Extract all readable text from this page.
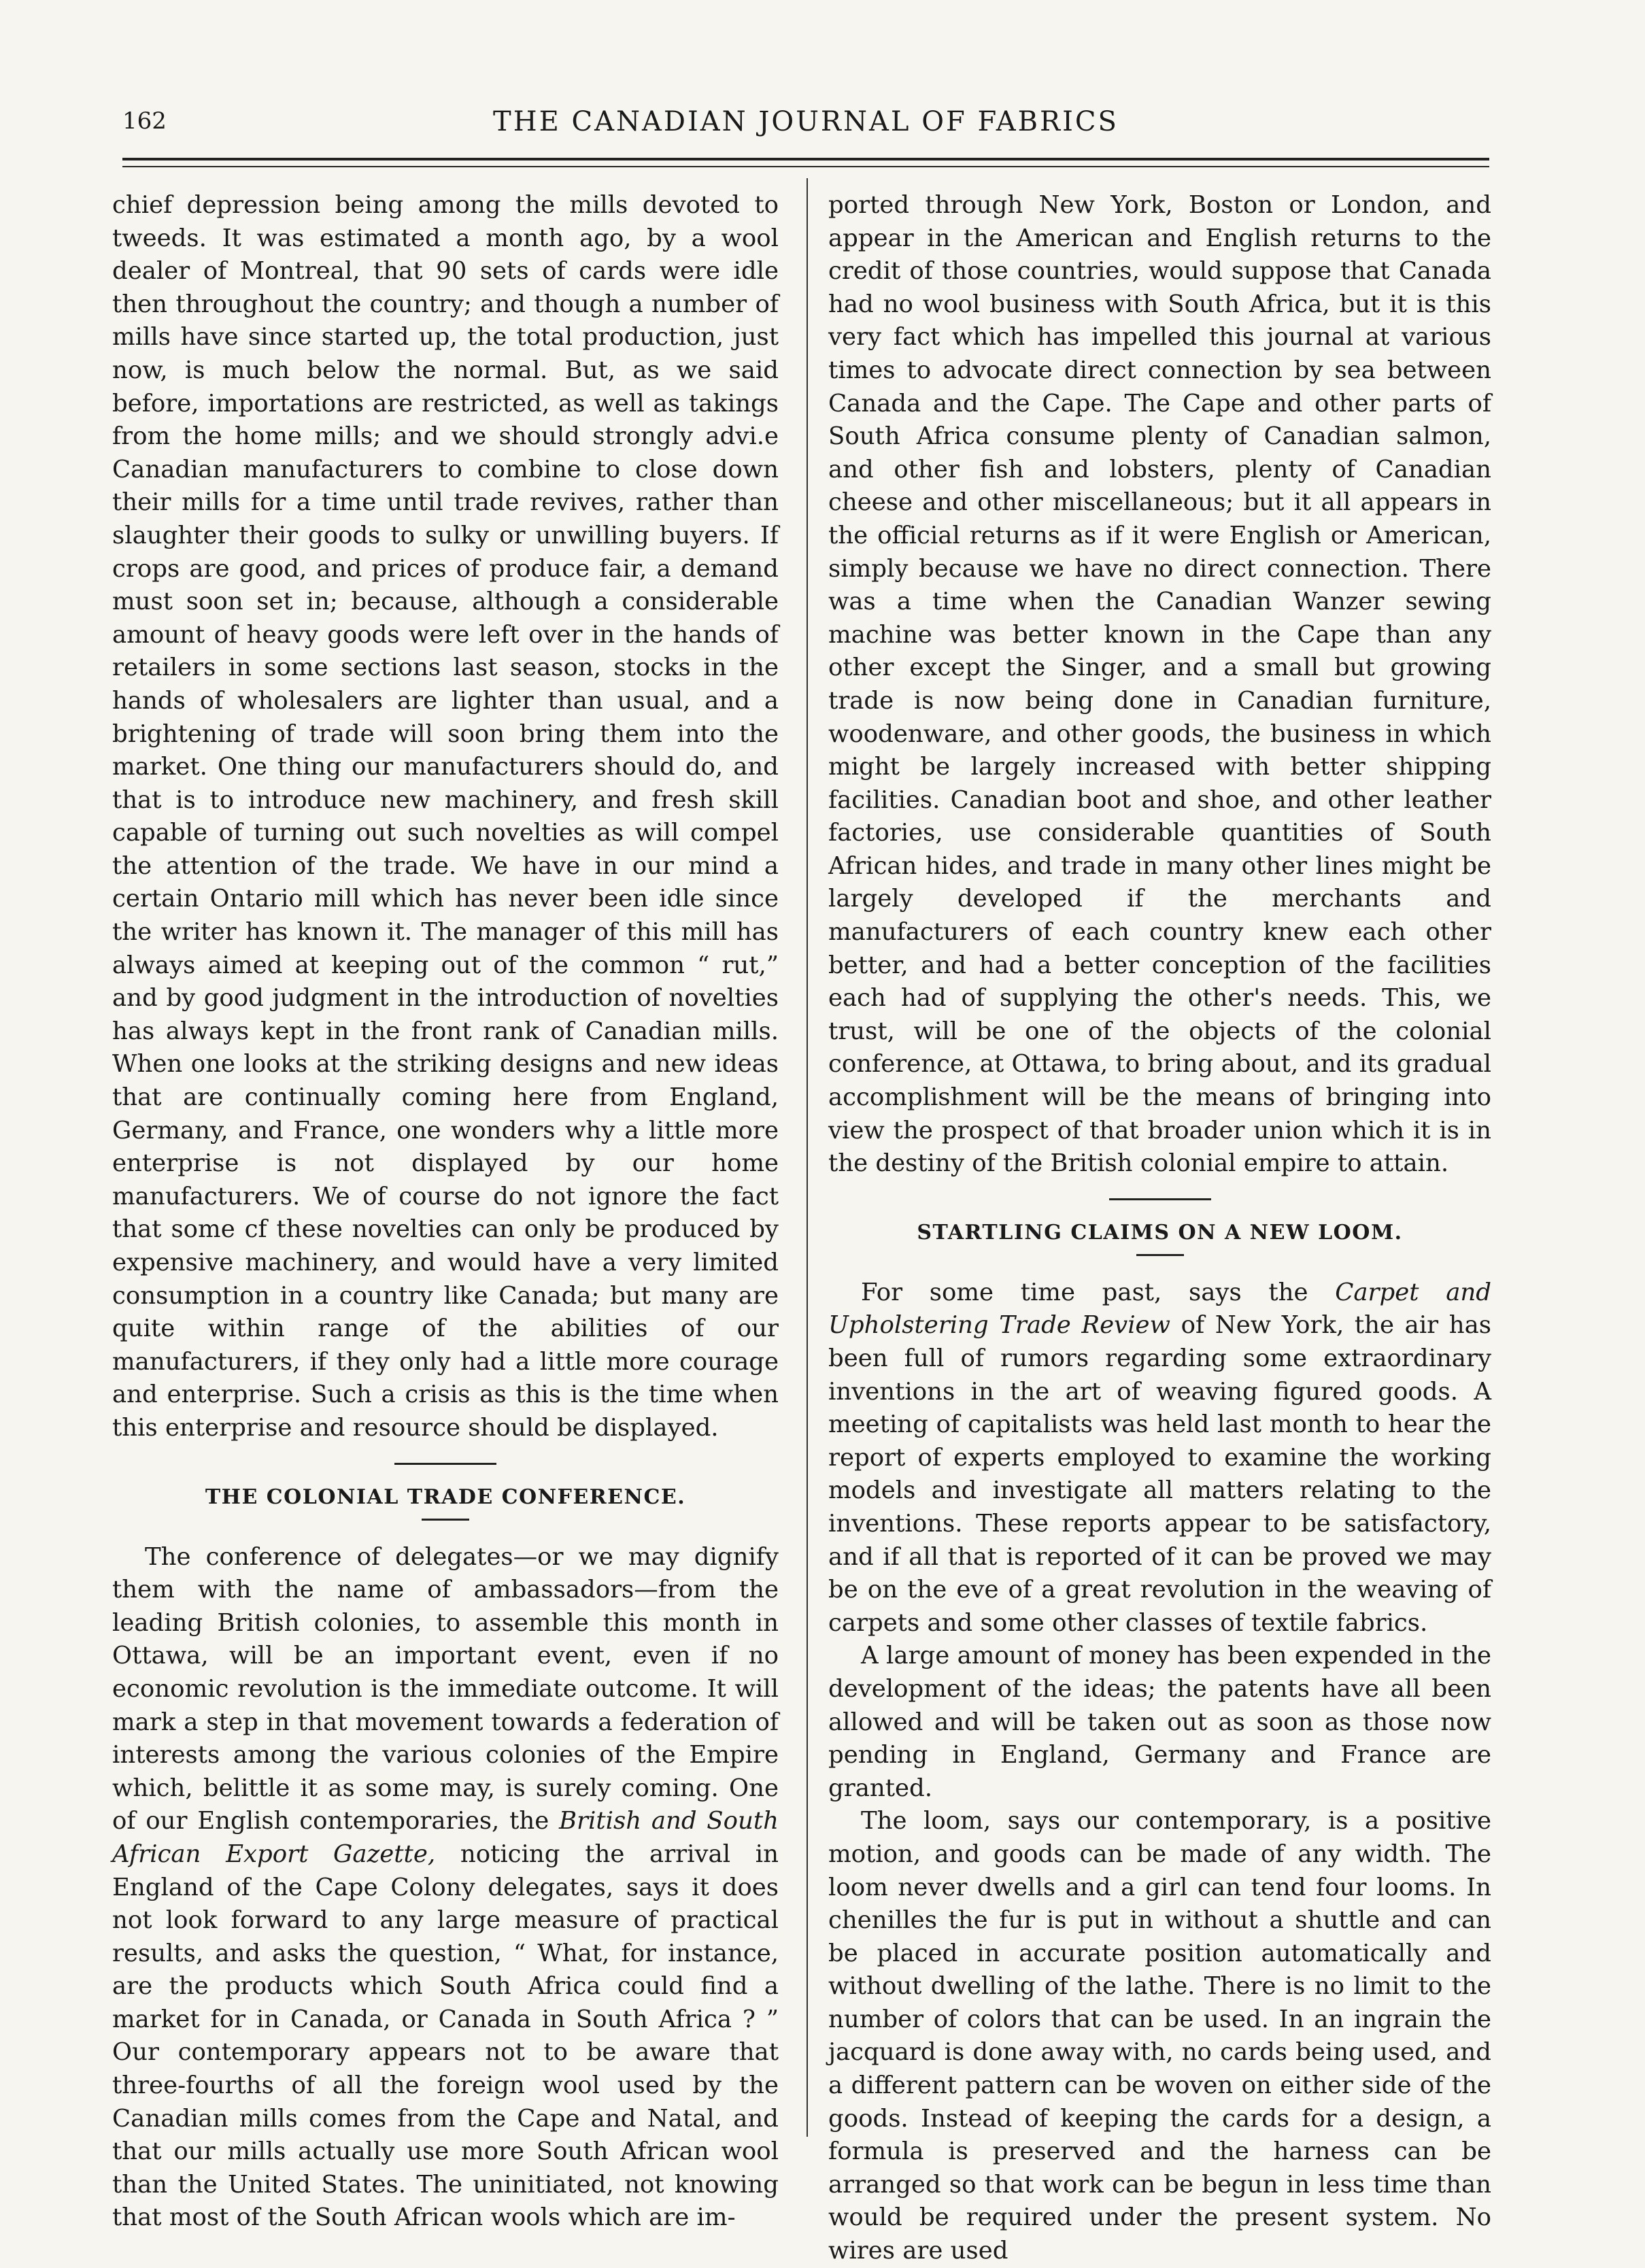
162	THE CANADIAN JOURNAL OF FABRICS

chief depression being among the mills devoted to tweeds. It was estimated a month ago, by a wool dealer of Montreal, that 90 sets of cards were idle then throughout the country; and though a number of mills have since started up, the total production, just now, is much below the normal. But, as we said before, importations are restricted, as well as takings from the home mills; and we should strongly advi.e Canadian manufacturers to combine to close down their mills for a time until trade revives, rather than slaughter their goods to sulky or unwilling buyers. If crops are good, and prices of produce fair, a demand must soon set in; because, although a considerable amount of heavy goods were left over in the hands of retailers in some sections last season, stocks in the hands of wholesalers are lighter than usual, and a brightening of trade will soon bring them into the market. One thing our manufacturers should do, and that is to introduce new machinery, and fresh skill capable of turning out such novelties as will compel the attention of the trade. We have in our mind a certain Ontario mill which has never been idle since the writer has known it. The manager of this mill has always aimed at keeping out of the common “ rut,” and by good judgment in the introduction of novelties has always kept in the front rank of Canadian mills. When one looks at the striking designs and new ideas that are continually coming here from England, Germany, and France, one wonders why a little more enterprise is not displayed by our home manufacturers. We of course do not ignore the fact that some cf these novelties can only be produced by expensive machinery, and would have a very limited consumption in a country like Canada; but many are quite within range of the abilities of our manufacturers, if they only had a little more courage and enterprise. Such a crisis as this is the time when this enterprise and resource should be displayed.

THE COLONIAL TRADE CONFERENCE.

The conference of delegates—or we may dignify them with the name of ambassadors—from the leading British colonies, to assemble this month in Ottawa, will be an important event, even if no economic revolution is the immediate outcome. It will mark a step in that movement towards a federation of interests among the various colonies of the Empire which, belittle it as some may, is surely coming. One of our English contemporaries, the British and South African Export Gazette, noticing the arrival in England of the Cape Colony delegates, says it does not look forward to any large measure of practical results, and asks the question, “ What, for instance, are the products which South Africa could find a market for in Canada, or Canada in South Africa ? ” Our contemporary appears not to be aware that three-fourths of all the foreign wool used by the Canadian mills comes from the Cape and Natal, and that our mills actually use more South African wool than the United States. The uninitiated, not knowing that most of the South African wools which are im-

ported through New York, Boston or London, and appear in the American and English returns to the credit of those countries, would suppose that Canada had no wool business with South Africa, but it is this very fact which has impelled this journal at various times to advocate direct connection by sea between Canada and the Cape. The Cape and other parts of South Africa consume plenty of Canadian salmon, and other fish and lobsters, plenty of Canadian cheese and other miscellaneous; but it all appears in the official returns as if it were English or American, simply because we have no direct connection. There was a time when the Canadian Wanzer sewing machine was better known in the Cape than any other except the Singer, and a small but growing trade is now being done in Canadian furniture, woodenware, and other goods, the business in which might be largely increased with better shipping facilities. Canadian boot and shoe, and other leather factories, use considerable quantities of South African hides, and trade in many other lines might be largely developed if the merchants and manufacturers of each country knew each other better, and had a better conception of the facilities each had of supplying the other's needs. This, we trust, will be one of the objects of the colonial conference, at Ottawa, to bring about, and its gradual accomplishment will be the means of bringing into view the prospect of that broader union which it is in the destiny of the British colonial empire to attain.

STARTLING CLAIMS ON A NEW LOOM.

For some time past, says the Carpet and Upholstering Trade Review of New York, the air has been full of rumors regarding some extraordinary inventions in the art of weaving figured goods. A meeting of capitalists was held last month to hear the report of experts employed to examine the working models and investigate all matters relating to the inventions. These reports appear to be satisfactory, and if all that is reported of it can be proved we may be on the eve of a great revolution in the weaving of carpets and some other classes of textile fabrics.

A large amount of money has been expended in the development of the ideas; the patents have all been allowed and will be taken out as soon as those now pending in England, Germany and France are granted.

The loom, says our contemporary, is a positive motion, and goods can be made of any width. The loom never dwells and a girl can tend four looms. In chenilles the fur is put in without a shuttle and can be placed in accurate position automatically and without dwelling of the lathe. There is no limit to the number of colors that can be used. In an ingrain the jacquard is done away with, no cards being used, and a different pattern can be woven on either side of the goods. Instead of keeping the cards for a design, a formula is preserved and the harness can be arranged so that work can be begun in less time than would be required under the present system. No wires are used
